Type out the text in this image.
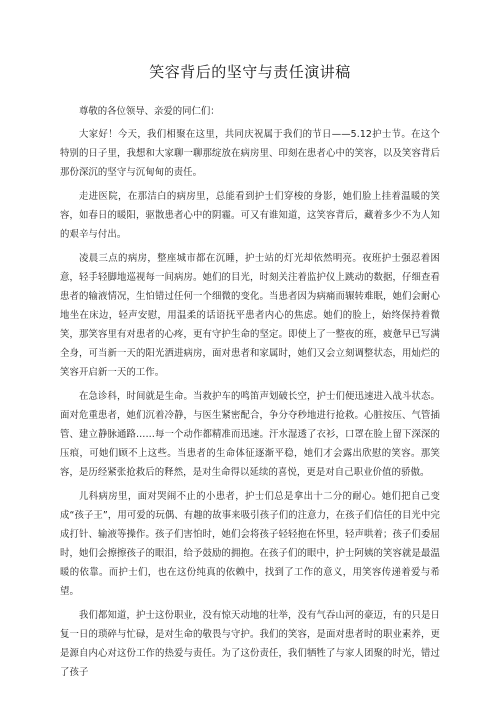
笑容背后的坚守与责任演讲稿

尊敬的各位领导、亲爱的同仁们：

大家好！今天，我们相聚在这里，共同庆祝属于我们的节日——5.12护士节。在这个特别的日子里，我想和大家聊一聊那绽放在病房里、印刻在患者心中的笑容，以及笑容背后那份深沉的坚守与沉甸甸的责任。

走进医院，在那洁白的病房里，总能看到护士们穿梭的身影，她们脸上挂着温暖的笑容，如春日的暖阳，驱散患者心中的阴霾。可又有谁知道，这笑容背后，藏着多少不为人知的艰辛与付出。

凌晨三点的病房，整座城市都在沉睡，护士站的灯光却依然明亮。夜班护士强忍着困意，轻手轻脚地巡视每一间病房。她们的目光，时刻关注着监护仪上跳动的数据，仔细查看患者的输液情况，生怕错过任何一个细微的变化。当患者因为病痛而辗转难眠，她们会耐心地坐在床边，轻声安慰，用温柔的话语抚平患者内心的焦虑。她们的脸上，始终保持着微笑，那笑容里有对患者的心疼，更有守护生命的坚定。即使上了一整夜的班，疲惫早已写满全身，可当新一天的阳光洒进病房，面对患者和家属时，她们又会立刻调整状态，用灿烂的笑容开启新一天的工作。

在急诊科，时间就是生命。当救护车的鸣笛声划破长空，护士们便迅速进入战斗状态。面对危重患者，她们沉着冷静，与医生紧密配合，争分夺秒地进行抢救。心脏按压、气管插管、建立静脉通路……每一个动作都精准而迅速。汗水湿透了衣衫，口罩在脸上留下深深的压痕，可她们顾不上这些。当患者的生命体征逐渐平稳，她们才会露出欣慰的笑容。那笑容，是历经紧张抢救后的释然，是对生命得以延续的喜悦，更是对自己职业价值的骄傲。

儿科病房里，面对哭闹不止的小患者，护士们总是拿出十二分的耐心。她们把自己变成“孩子王”，用可爱的玩偶、有趣的故事来吸引孩子们的注意力，在孩子们信任的目光中完成打针、输液等操作。孩子们害怕时，她们会将孩子轻轻抱在怀里，轻声哄着；孩子们委屈时，她们会擦擦孩子的眼泪，给予鼓励的拥抱。在孩子们的眼中，护士阿姨的笑容就是最温暖的依靠。而护士们，也在这份纯真的依赖中，找到了工作的意义，用笑容传递着爱与希望。

我们都知道，护士这份职业，没有惊天动地的壮举，没有气吞山河的豪迈，有的只是日复一日的琐碎与忙碌，是对生命的敬畏与守护。我们的笑容，是面对患者时的职业素养，更是源自内心对这份工作的热爱与责任。为了这份责任，我们牺牲了与家人团聚的时光，错过了孩子
